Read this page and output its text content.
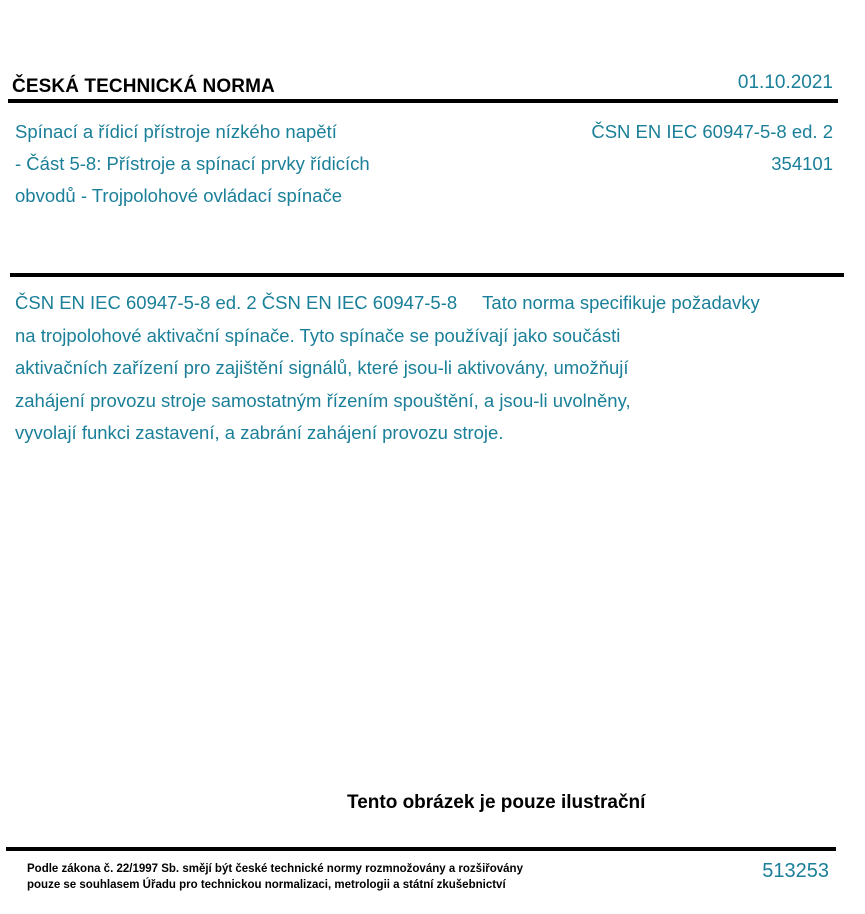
ČESKÁ TECHNICKÁ NORMA	01.10.2021
Spínací a řídicí přístroje nízkého napětí
- Část 5-8: Přístroje a spínací prvky řídicích
obvodů - Trojpolohové ovládací spínače
ČSN EN IEC 60947-5-8 ed. 2
354101
ČSN EN IEC 60947-5-8 ed. 2 ČSN EN IEC 60947-5-8 Tato norma specifikuje požadavky
na trojpolohové aktivační spínače. Tyto spínače se používají jako součásti
aktivačních zařízení pro zajištění signálů, které jsou-li aktivovány, umožňují
zahájení provozu stroje samostatným řízením spouštění, a jsou-li uvolněny,
vyvolají funkci zastavení, a zabrání zahájení provozu stroje.
Tento obrázek je pouze ilustrační
Podle zákona č. 22/1997 Sb. smějí být české technické normy rozmnožovány a rozšiřovány
pouze se souhlasem Úřadu pro technickou normalizaci, metrologii a státní zkušebnictví
513253
